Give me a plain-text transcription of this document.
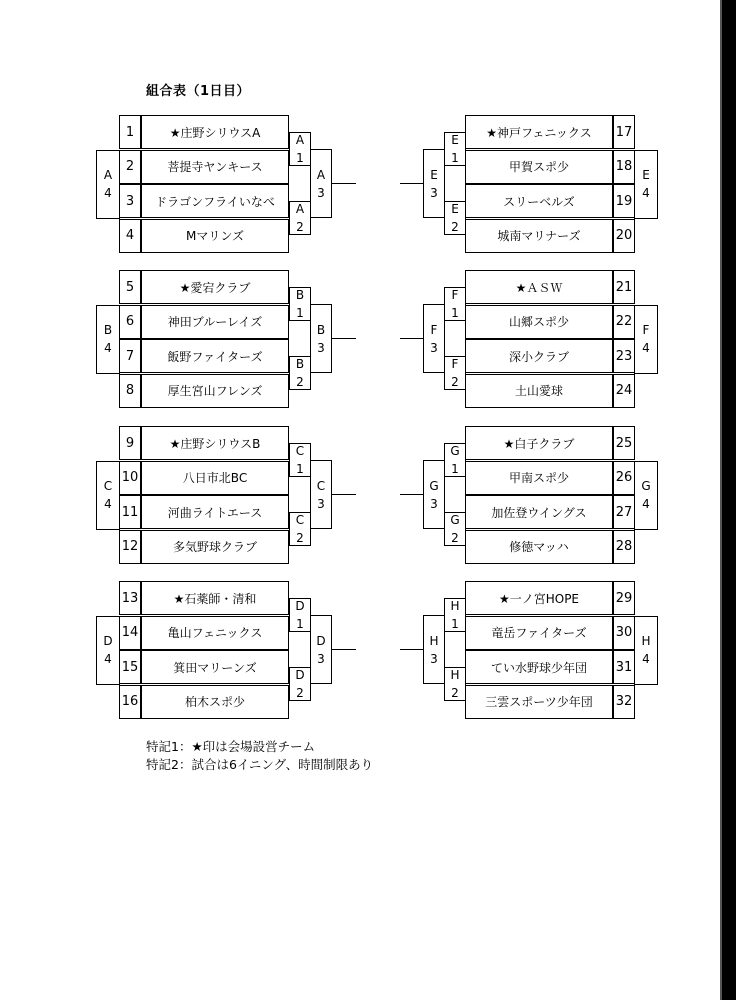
組合表（1日目）
A
4
1	★庄野シリウスA
2	菩提寺ヤンキース
3	ドラゴンフライいなべ
4	Mマリンズ
A
1
A
2
A
3
B
4
5	★愛宕クラブ
6	神田ブルーレイズ
7	飯野ファイターズ
8	厚生宮山フレンズ
B
1
B
2
B
3
C
4
9	★庄野シリウスB
10	八日市北BC
11	河曲ライトエース
12	多気野球クラブ
C
1
C
2
C
3
D
4
13	★石薬師・清和
14	亀山フェニックス
15	箕田マリーンズ
16	柏木スポ少
D
1
D
2
D
3
★神戸フェニックス	17
甲賀スポ少	18
スリーベルズ	19
城南マリナーズ	20
E
4
E
1
E
2
E
3
★ＡＳＷ	21
山郷スポ少	22
深小クラブ	23
土山愛球	24
F
4
F
1
F
2
F
3
★白子クラブ	25
甲南スポ少	26
加佐登ウイングス	27
修徳マッハ	28
G
4
G
1
G
2
G
3
★一ノ宮HOPE	29
竜岳ファイターズ	30
てい水野球少年団	31
三雲スポーツ少年団	32
H
4
H
1
H
2
H
3
特記1：★印は会場設営チーム
特記2：試合は6イニング、時間制限あり
